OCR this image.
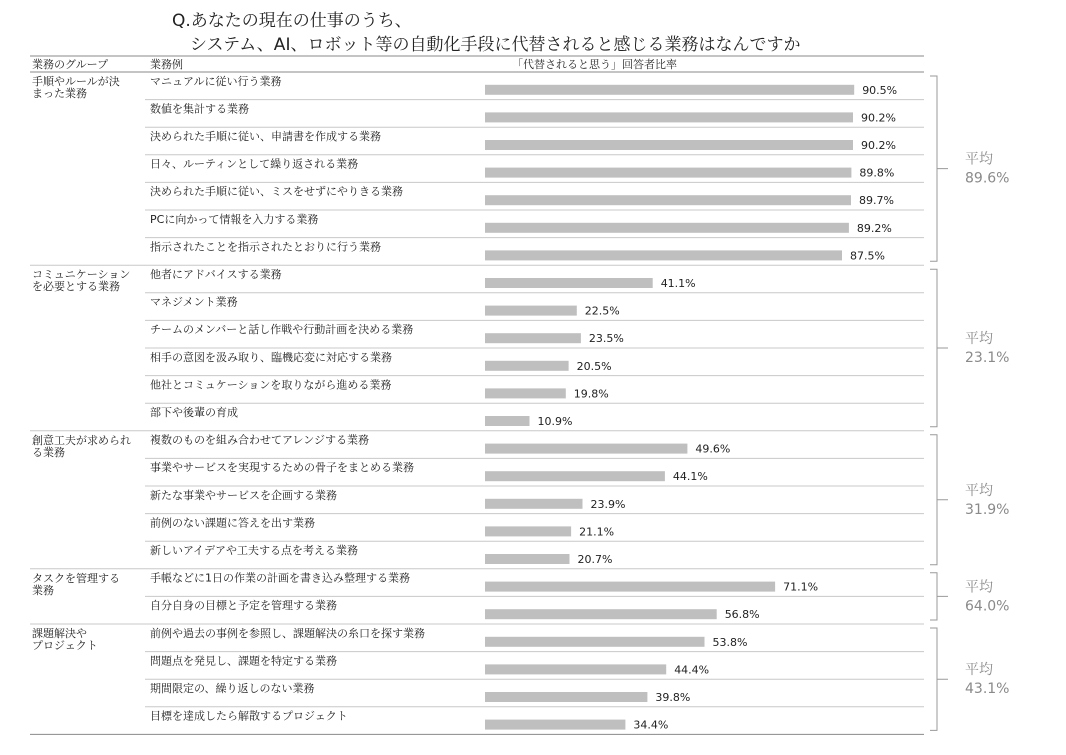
Q.あなたの現在の仕事のうち、
システム、AI、ロボット等の自動化手段に代替されると感じる業務はなんですか
業務のグループ	業務例	「代替されると思う」回答者比率
手順やルールが決
まった業務
マニュアルに従い行う業務
90.5%
数値を集計する業務
90.2%
決められた手順に従い、申請書を作成する業務
90.2%
日々、ルーティンとして繰り返される業務
89.8%
決められた手順に従い、ミスをせずにやりきる業務
89.7%
PCに向かって情報を入力する業務
89.2%
指示されたことを指示されたとおりに行う業務
87.5%
平均
89.6%
コミュニケーション
を必要とする業務
他者にアドバイスする業務
41.1%
マネジメント業務
22.5%
チームのメンバーと話し作戦や行動計画を決める業務
23.5%
相手の意図を汲み取り、臨機応変に対応する業務
20.5%
他社とコミュケーションを取りながら進める業務
19.8%
部下や後輩の育成
10.9%
平均
23.1%
創意工夫が求められ
る業務
複数のものを組み合わせてアレンジする業務
49.6%
事業やサービスを実現するための骨子をまとめる業務
44.1%
新たな事業やサービスを企画する業務
23.9%
前例のない課題に答えを出す業務
21.1%
新しいアイデアや工夫する点を考える業務
20.7%
平均
31.9%
タスクを管理する
業務
手帳などに1日の作業の計画を書き込み整理する業務
71.1%
自分自身の目標と予定を管理する業務
56.8%
平均
64.0%
課題解決や
プロジェクト
前例や過去の事例を参照し、課題解決の糸口を探す業務
53.8%
問題点を発見し、課題を特定する業務
44.4%
期間限定の、繰り返しのない業務
39.8%
目標を達成したら解散するプロジェクト
34.4%
平均
43.1%
